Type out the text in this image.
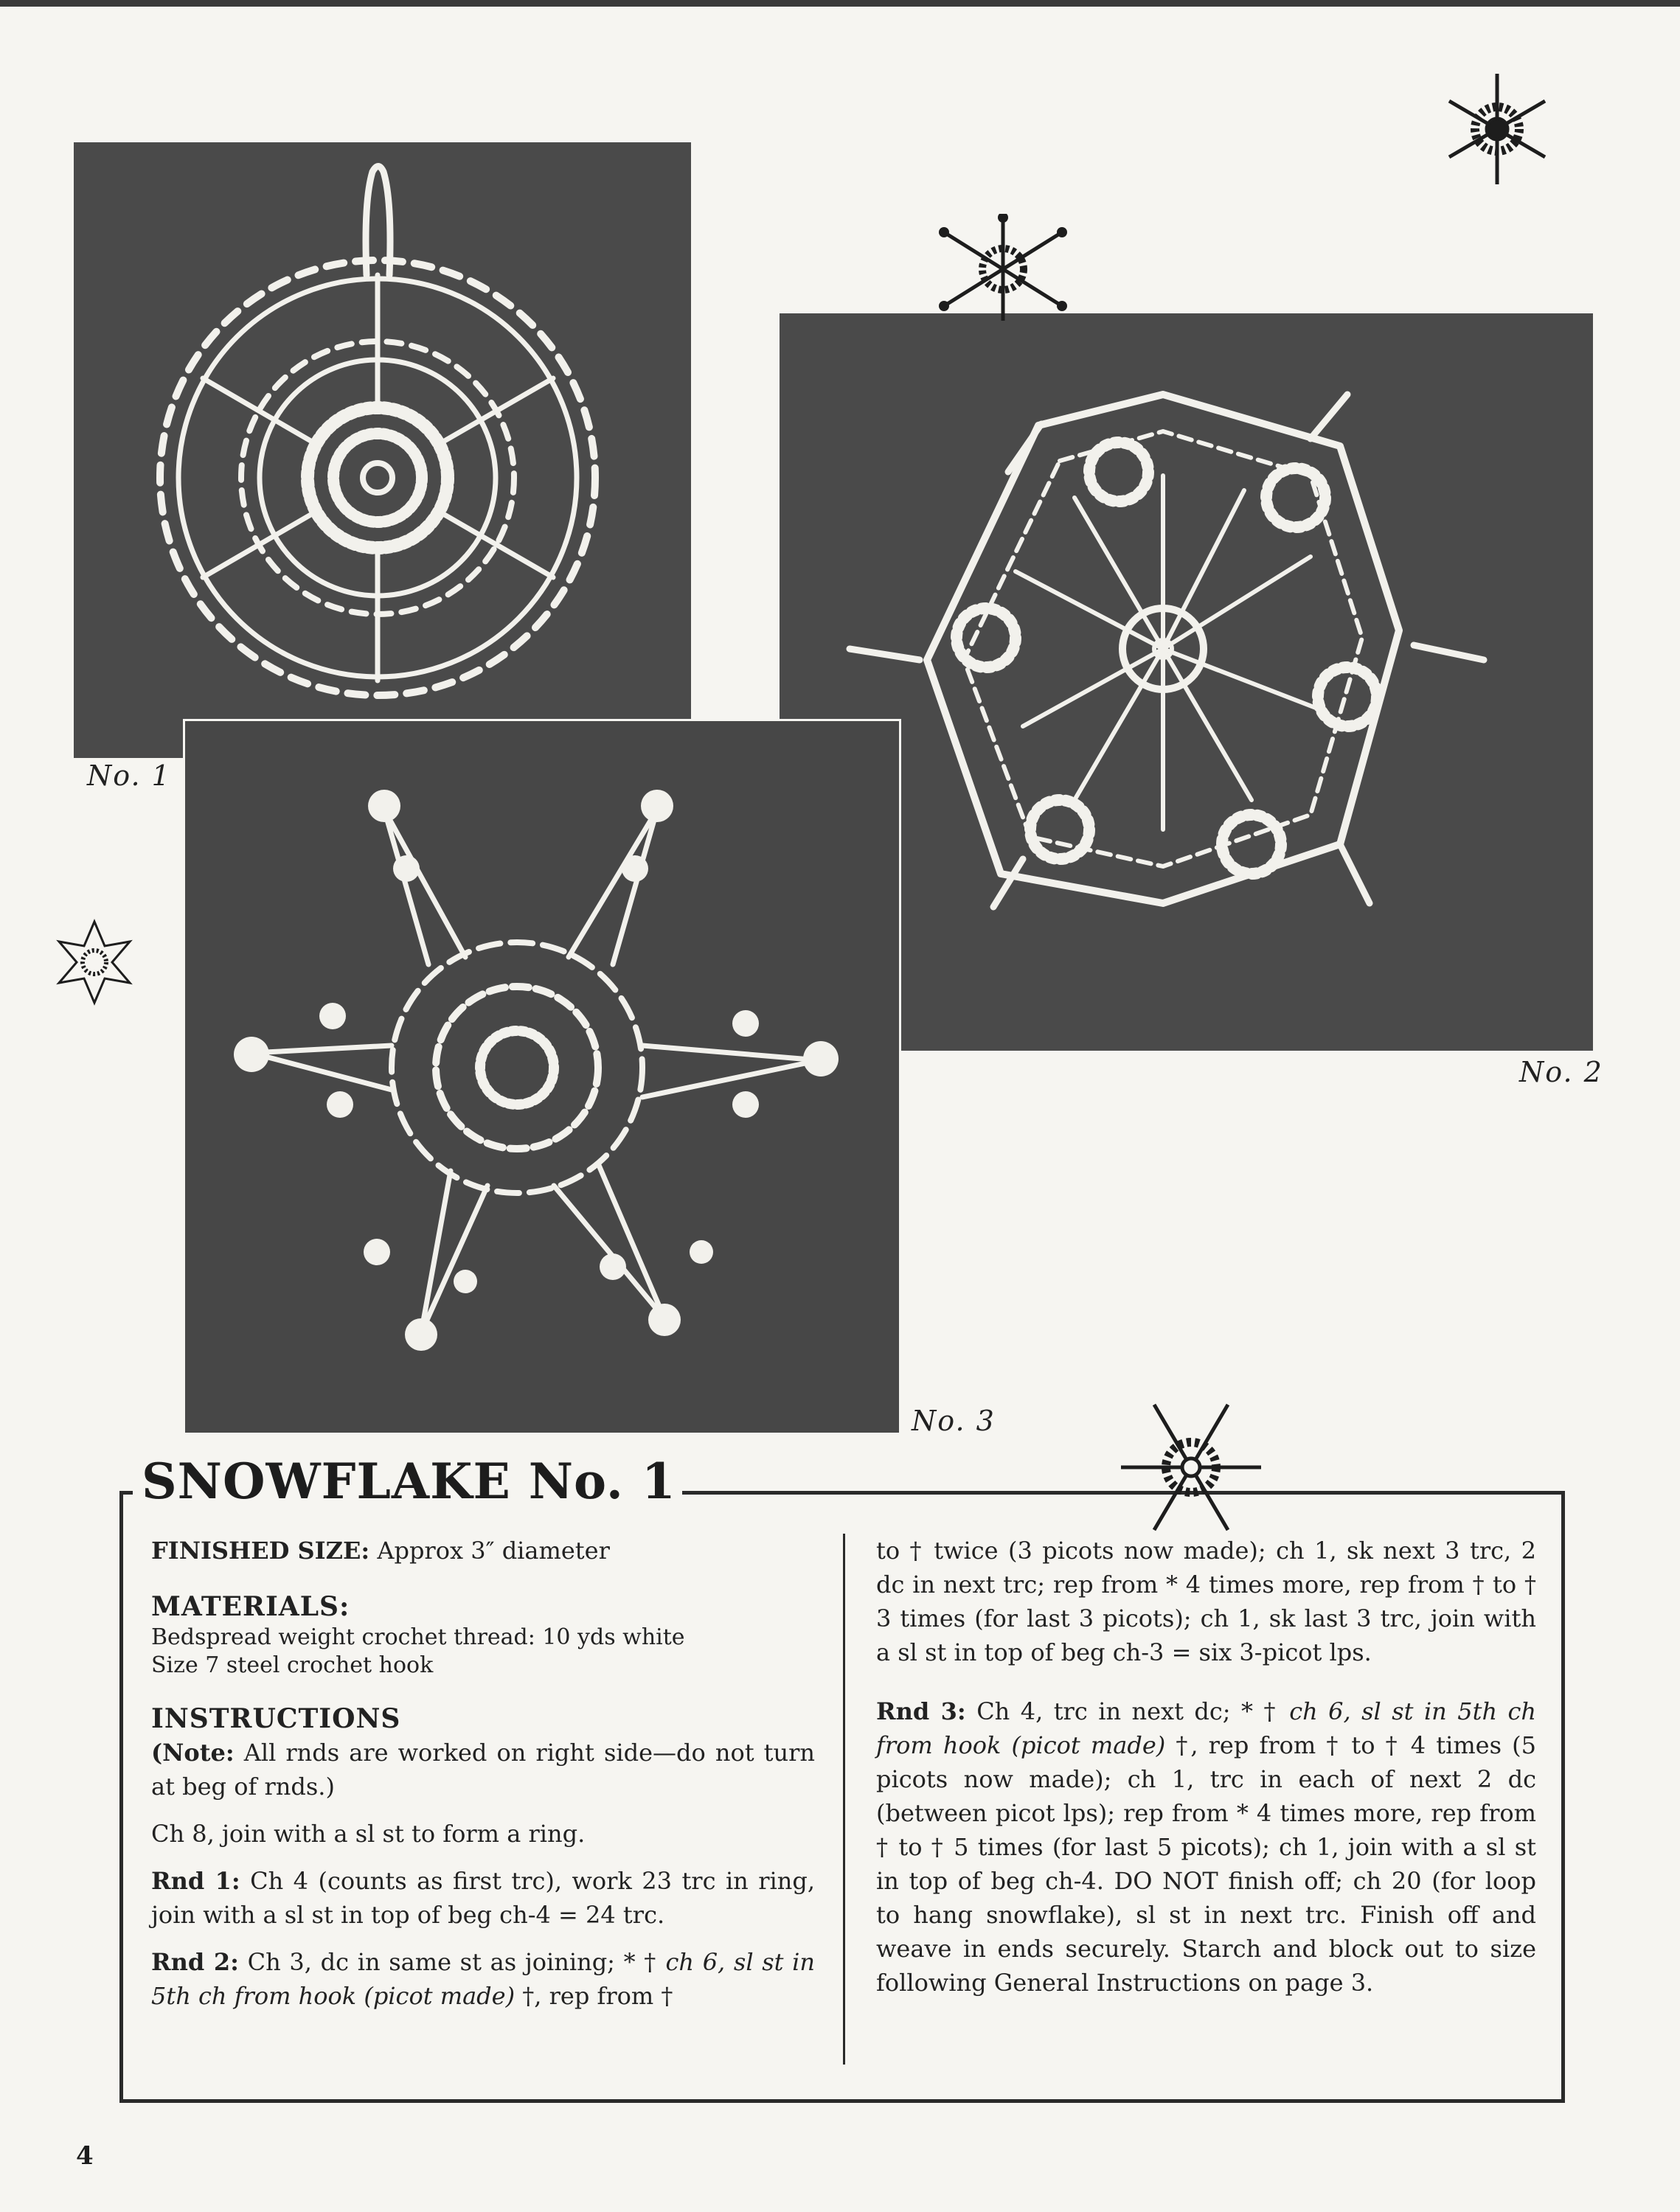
No. 1
No. 2
No. 3
SNOWFLAKE No. 1

FINISHED SIZE: Approx 3″ diameter

MATERIALS:
Bedspread weight crochet thread: 10 yds white
Size 7 steel crochet hook
INSTRUCTIONS

(Note: All rnds are worked on right side—do not turn at beg of rnds.)

Ch 8, join with a sl st to form a ring.

Rnd 1: Ch 4 (counts as first trc), work 23 trc in ring, join with a sl st in top of beg ch-4 = 24 trc.

Rnd 2: Ch 3, dc in same st as joining; * † ch 6, sl st in 5th ch from hook (picot made) †, rep from †

to † twice (3 picots now made); ch 1, sk next 3 trc, 2 dc in next trc; rep from * 4 times more, rep from † to † 3 times (for last 3 picots); ch 1, sk last 3 trc, join with a sl st in top of beg ch-3 = six 3-picot lps.

Rnd 3: Ch 4, trc in next dc; * † ch 6, sl st in 5th ch from hook (picot made) †, rep from † to † 4 times (5 picots now made); ch 1, trc in each of next 2 dc (between picot lps); rep from * 4 times more, rep from † to † 5 times (for last 5 picots); ch 1, join with a sl st in top of beg ch-4. DO NOT finish off; ch 20 (for loop to hang snowflake), sl st in next trc. Finish off and weave in ends securely. Starch and block out to size following General Instructions on page 3.

4
